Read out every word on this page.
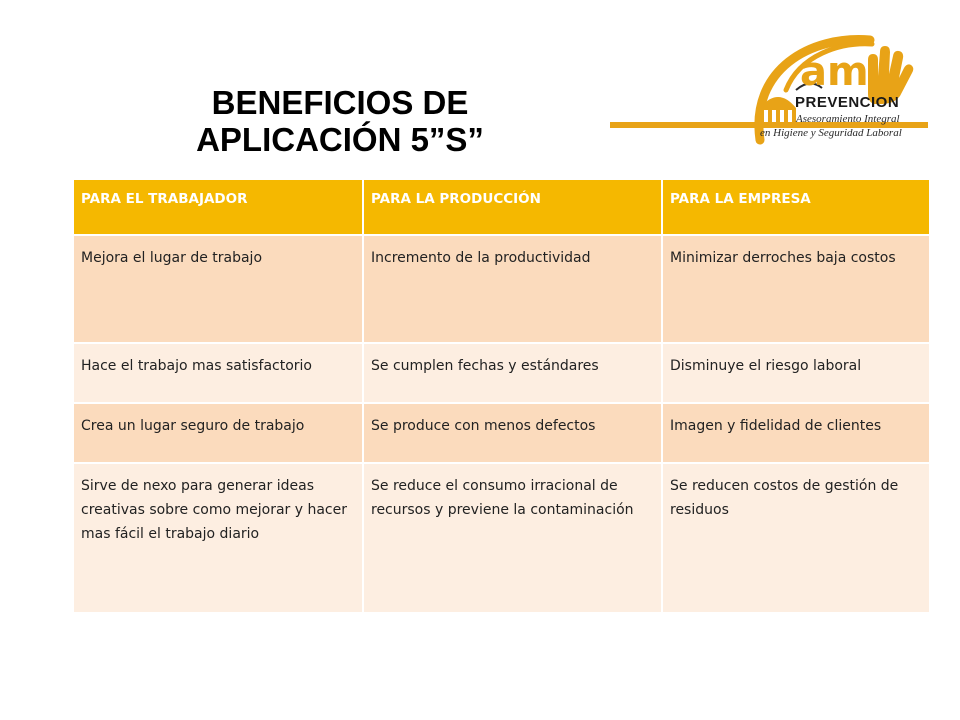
BENEFICIOS DE
APLICACIÓN 5”S”
am
PREVENCION
Asesoramiento Integral
en Higiene y Seguridad Laboral
PARA EL TRABAJADOR	PARA LA PRODUCCIÓN	PARA LA EMPRESA
Mejora el lugar de trabajo	Incremento de la productividad	Minimizar derroches baja costos
Hace el trabajo mas satisfactorio	Se cumplen fechas y estándares	Disminuye el riesgo laboral
Crea un lugar seguro de trabajo	Se produce con menos defectos	Imagen y fidelidad de clientes
Sirve de nexo para generar ideas creativas sobre como mejorar y hacer mas fácil el trabajo diario	Se reduce el consumo irracional de recursos y previene la contaminación	Se reducen costos de gestión de residuos
